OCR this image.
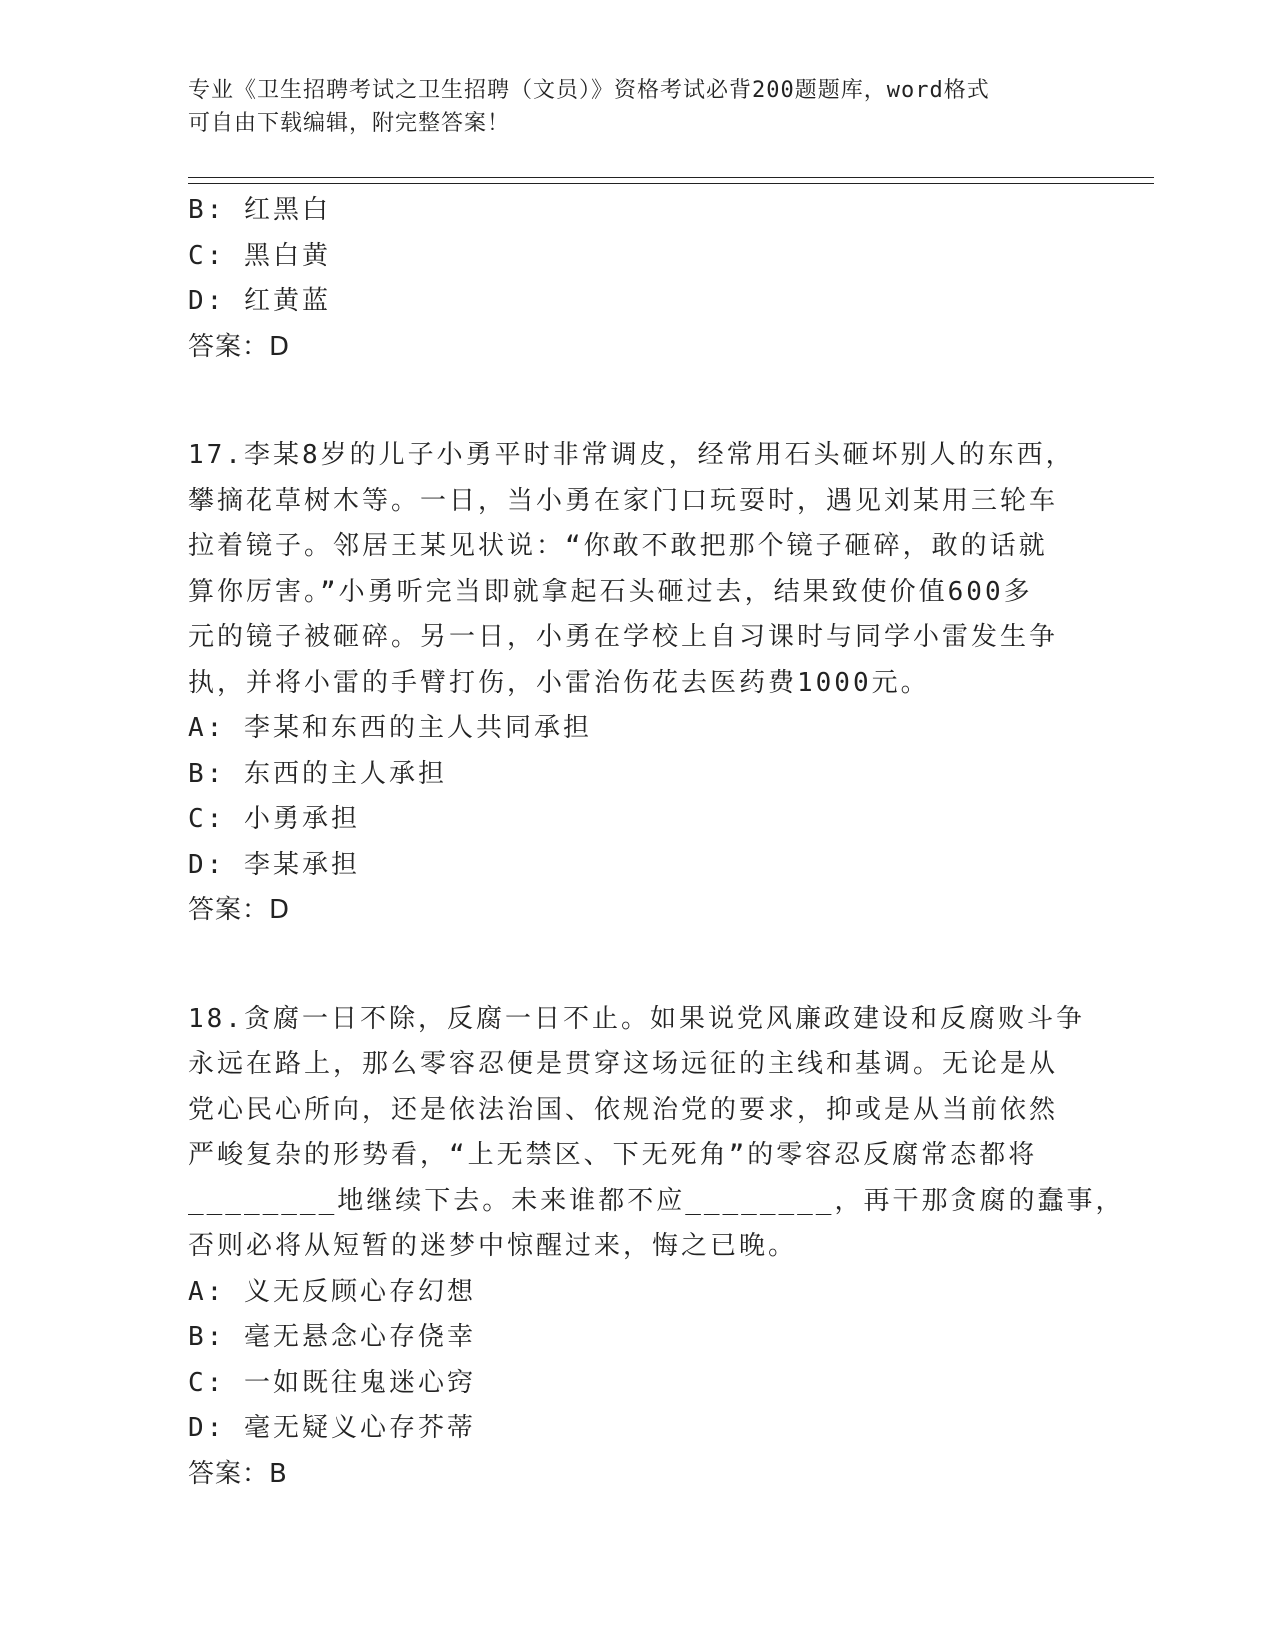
专业《卫生招聘考试之卫生招聘（文员）》资格考试必背200题题库，word格式
可自由下载编辑，附完整答案！
B: 红黑白
C: 黑白黄
D: 红黄蓝
答案：D
17.李某8岁的儿子小勇平时非常调皮，经常用石头砸坏别人的东西，
攀摘花草树木等。一日，当小勇在家门口玩耍时，遇见刘某用三轮车
拉着镜子。邻居王某见状说：“你敢不敢把那个镜子砸碎，敢的话就
算你厉害。”小勇听完当即就拿起石头砸过去，结果致使价值600多
元的镜子被砸碎。另一日，小勇在学校上自习课时与同学小雷发生争
执，并将小雷的手臂打伤，小雷治伤花去医药费1000元。
A: 李某和东西的主人共同承担
B: 东西的主人承担
C: 小勇承担
D: 李某承担
答案：D
18.贪腐一日不除，反腐一日不止。如果说党风廉政建设和反腐败斗争
永远在路上，那么零容忍便是贯穿这场远征的主线和基调。无论是从
党心民心所向，还是依法治国、依规治党的要求，抑或是从当前依然
严峻复杂的形势看，“上无禁区、下无死角”的零容忍反腐常态都将
________地继续下去。未来谁都不应________，再干那贪腐的蠢事，
否则必将从短暂的迷梦中惊醒过来，悔之已晚。
A: 义无反顾心存幻想
B: 毫无悬念心存侥幸
C: 一如既往鬼迷心窍
D: 毫无疑义心存芥蒂
答案：B
